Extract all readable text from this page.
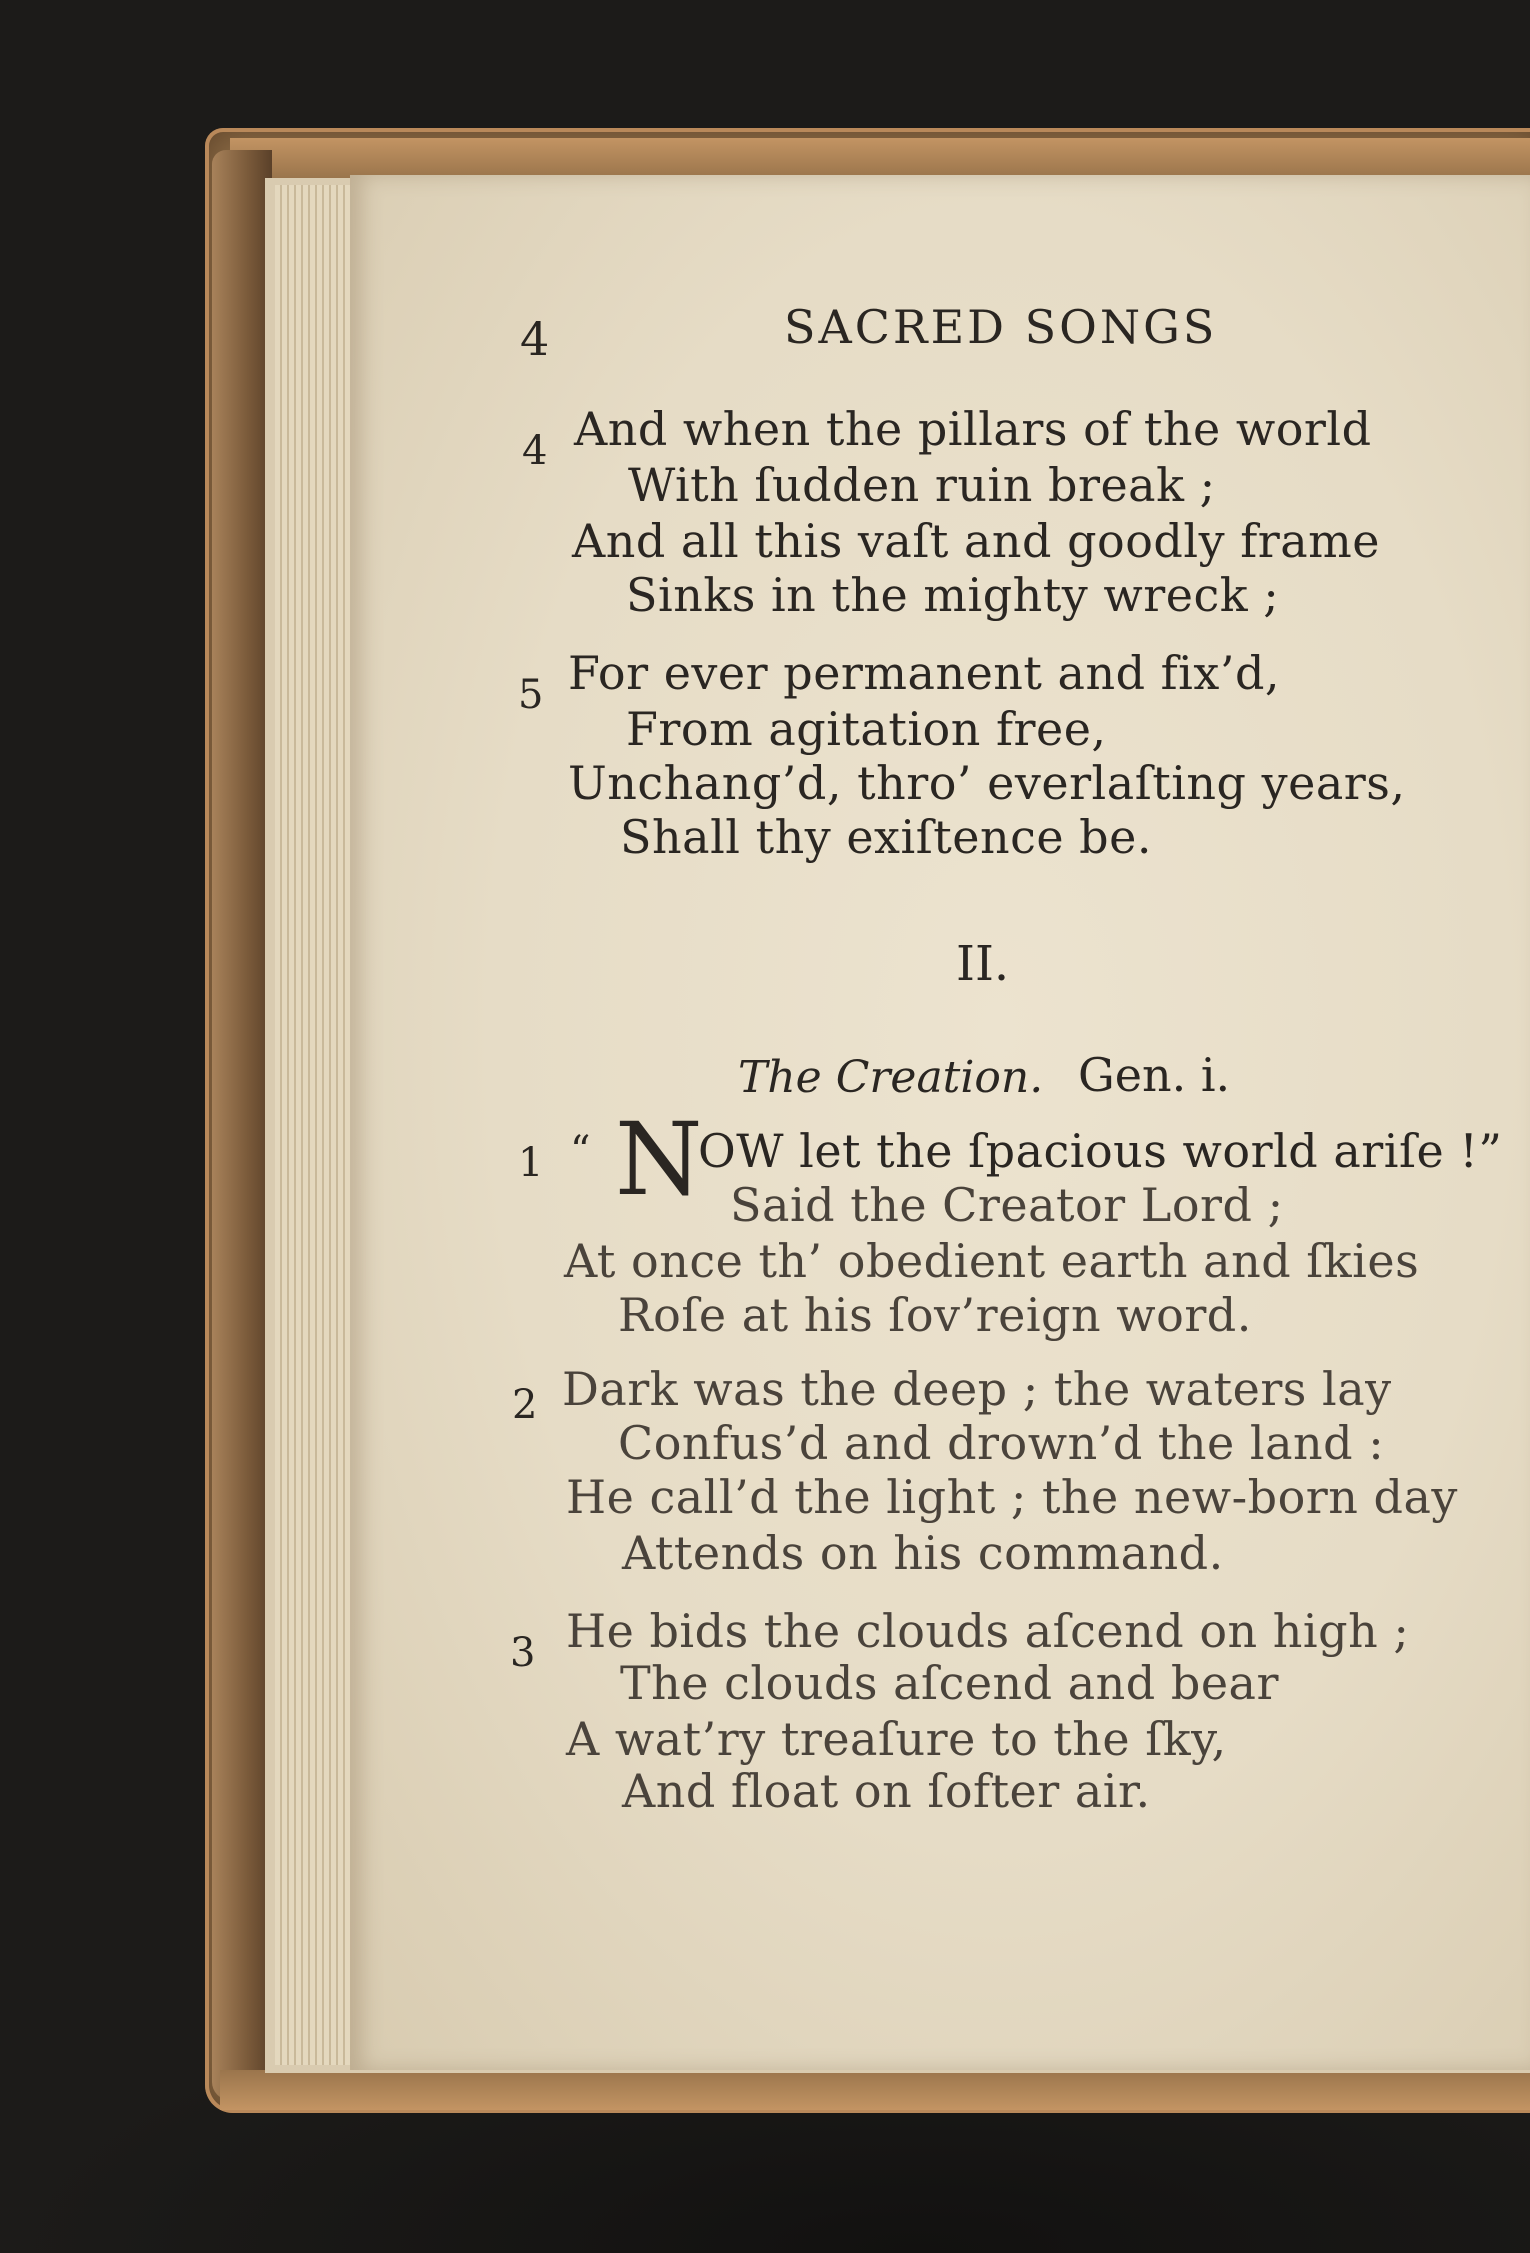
4	SACRED SONGS
4 And when the pillars of the world
With ſudden ruin break ;
And all this vaſt and goodly frame
Sinks in the mighty wreck ;
5 For ever permanent and fix’d,
From agitation free,
Unchang’d, thro’ everlaſting years,
Shall thy exiſtence be.
II.
The Creation. Gen. i.
1 “ N
OW let the ſpacious world ariſe !”
Said the Creator Lord ;
At once th’ obedient earth and ſkies
Roſe at his ſov’reign word.
2 Dark was the deep ; the waters lay
Confus’d and drown’d the land :
He call’d the light ; the new-born day
Attends on his command.
3 He bids the clouds aſcend on high ;
The clouds aſcend and bear
A wat’ry treaſure to the ſky,
And float on ſofter air.
